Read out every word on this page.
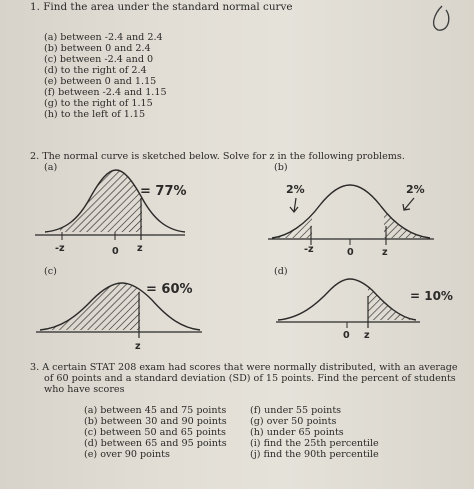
1. Find the area under the standard normal curve
(a) between -2.4 and 2.4
(b) between 0 and 2.4
(c) between -2.4 and 0
(d) to the right of 2.4
(e) between 0 and 1.15
(f) between -2.4 and 1.15
(g) to the right of 1.15
(h) to the left of 1.15
2. The normal curve is sketched below. Solve for z in the following problems.
(a)	(b)
(c)	(d)
= 77%	2%	2%
= 60%	= 10%
-z	0 z	-z	0	z
z
0 z
3. A certain STAT 208 exam had scores that were normally distributed, with an average
of 60 points and a standard deviation (SD) of 15 points. Find the percent of students
who have scores
(a) between 45 and 75 points
(b) between 30 and 90 points
(c) between 50 and 65 points
(d) between 65 and 95 points
(e) over 90 points
(f) under 55 points
(g) over 50 points
(h) under 65 points
(i) find the 25th percentile
(j) find the 90th percentile
